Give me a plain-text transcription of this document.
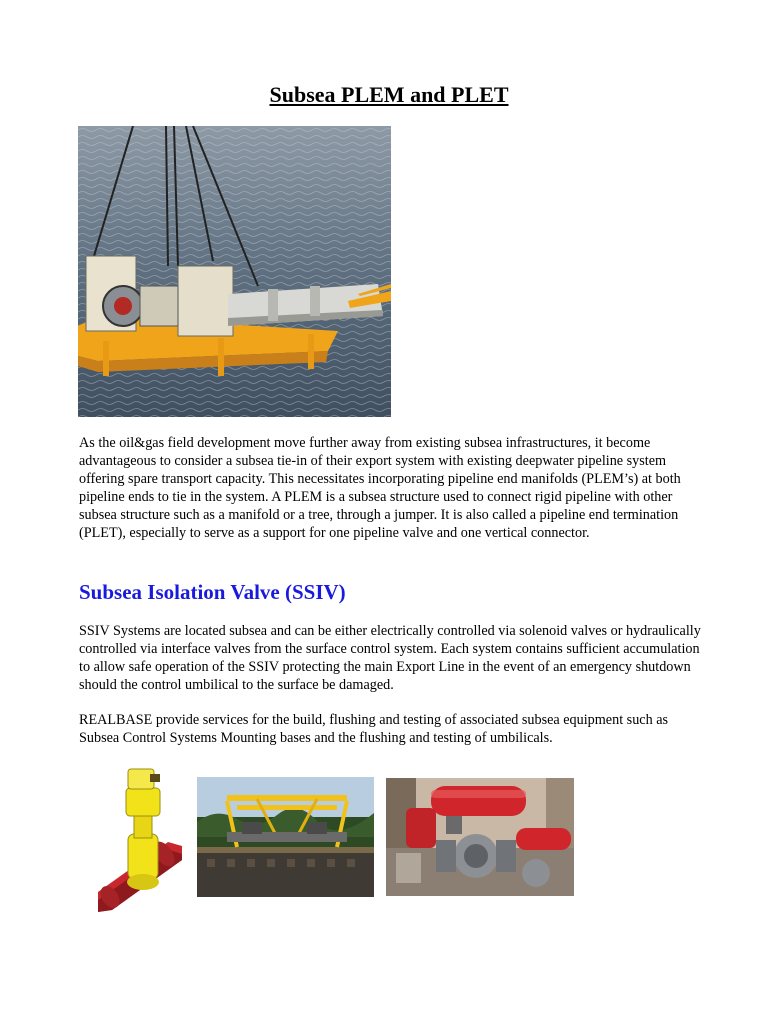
Subsea PLEM and PLET

As the oil&gas field development move further away from existing subsea infrastructures, it become advantageous to consider a subsea tie-in of their export system with existing deepwater pipeline system offering spare transport capacity. This necessitates incorporating pipeline end manifolds (PLEM’s) at both pipeline ends to tie in the system. A PLEM is a subsea structure used to connect rigid pipeline with other subsea structure such as a manifold or a tree, through a jumper. It is also called a pipeline end termination (PLET), especially to serve as a support for one pipeline valve and one vertical connector.

Subsea Isolation Valve (SSIV)

SSIV Systems are located subsea and can be either electrically controlled via solenoid valves or hydraulically controlled via interface valves from the surface control system. Each system contains sufficient accumulation to allow safe operation of the SSIV protecting the main Export Line in the event of an emergency shutdown should the control umbilical to the surface be damaged.

REALBASE provide services for the build, flushing and testing of associated subsea equipment such as Subsea Control Systems Mounting bases and the flushing and testing of umbilicals.
